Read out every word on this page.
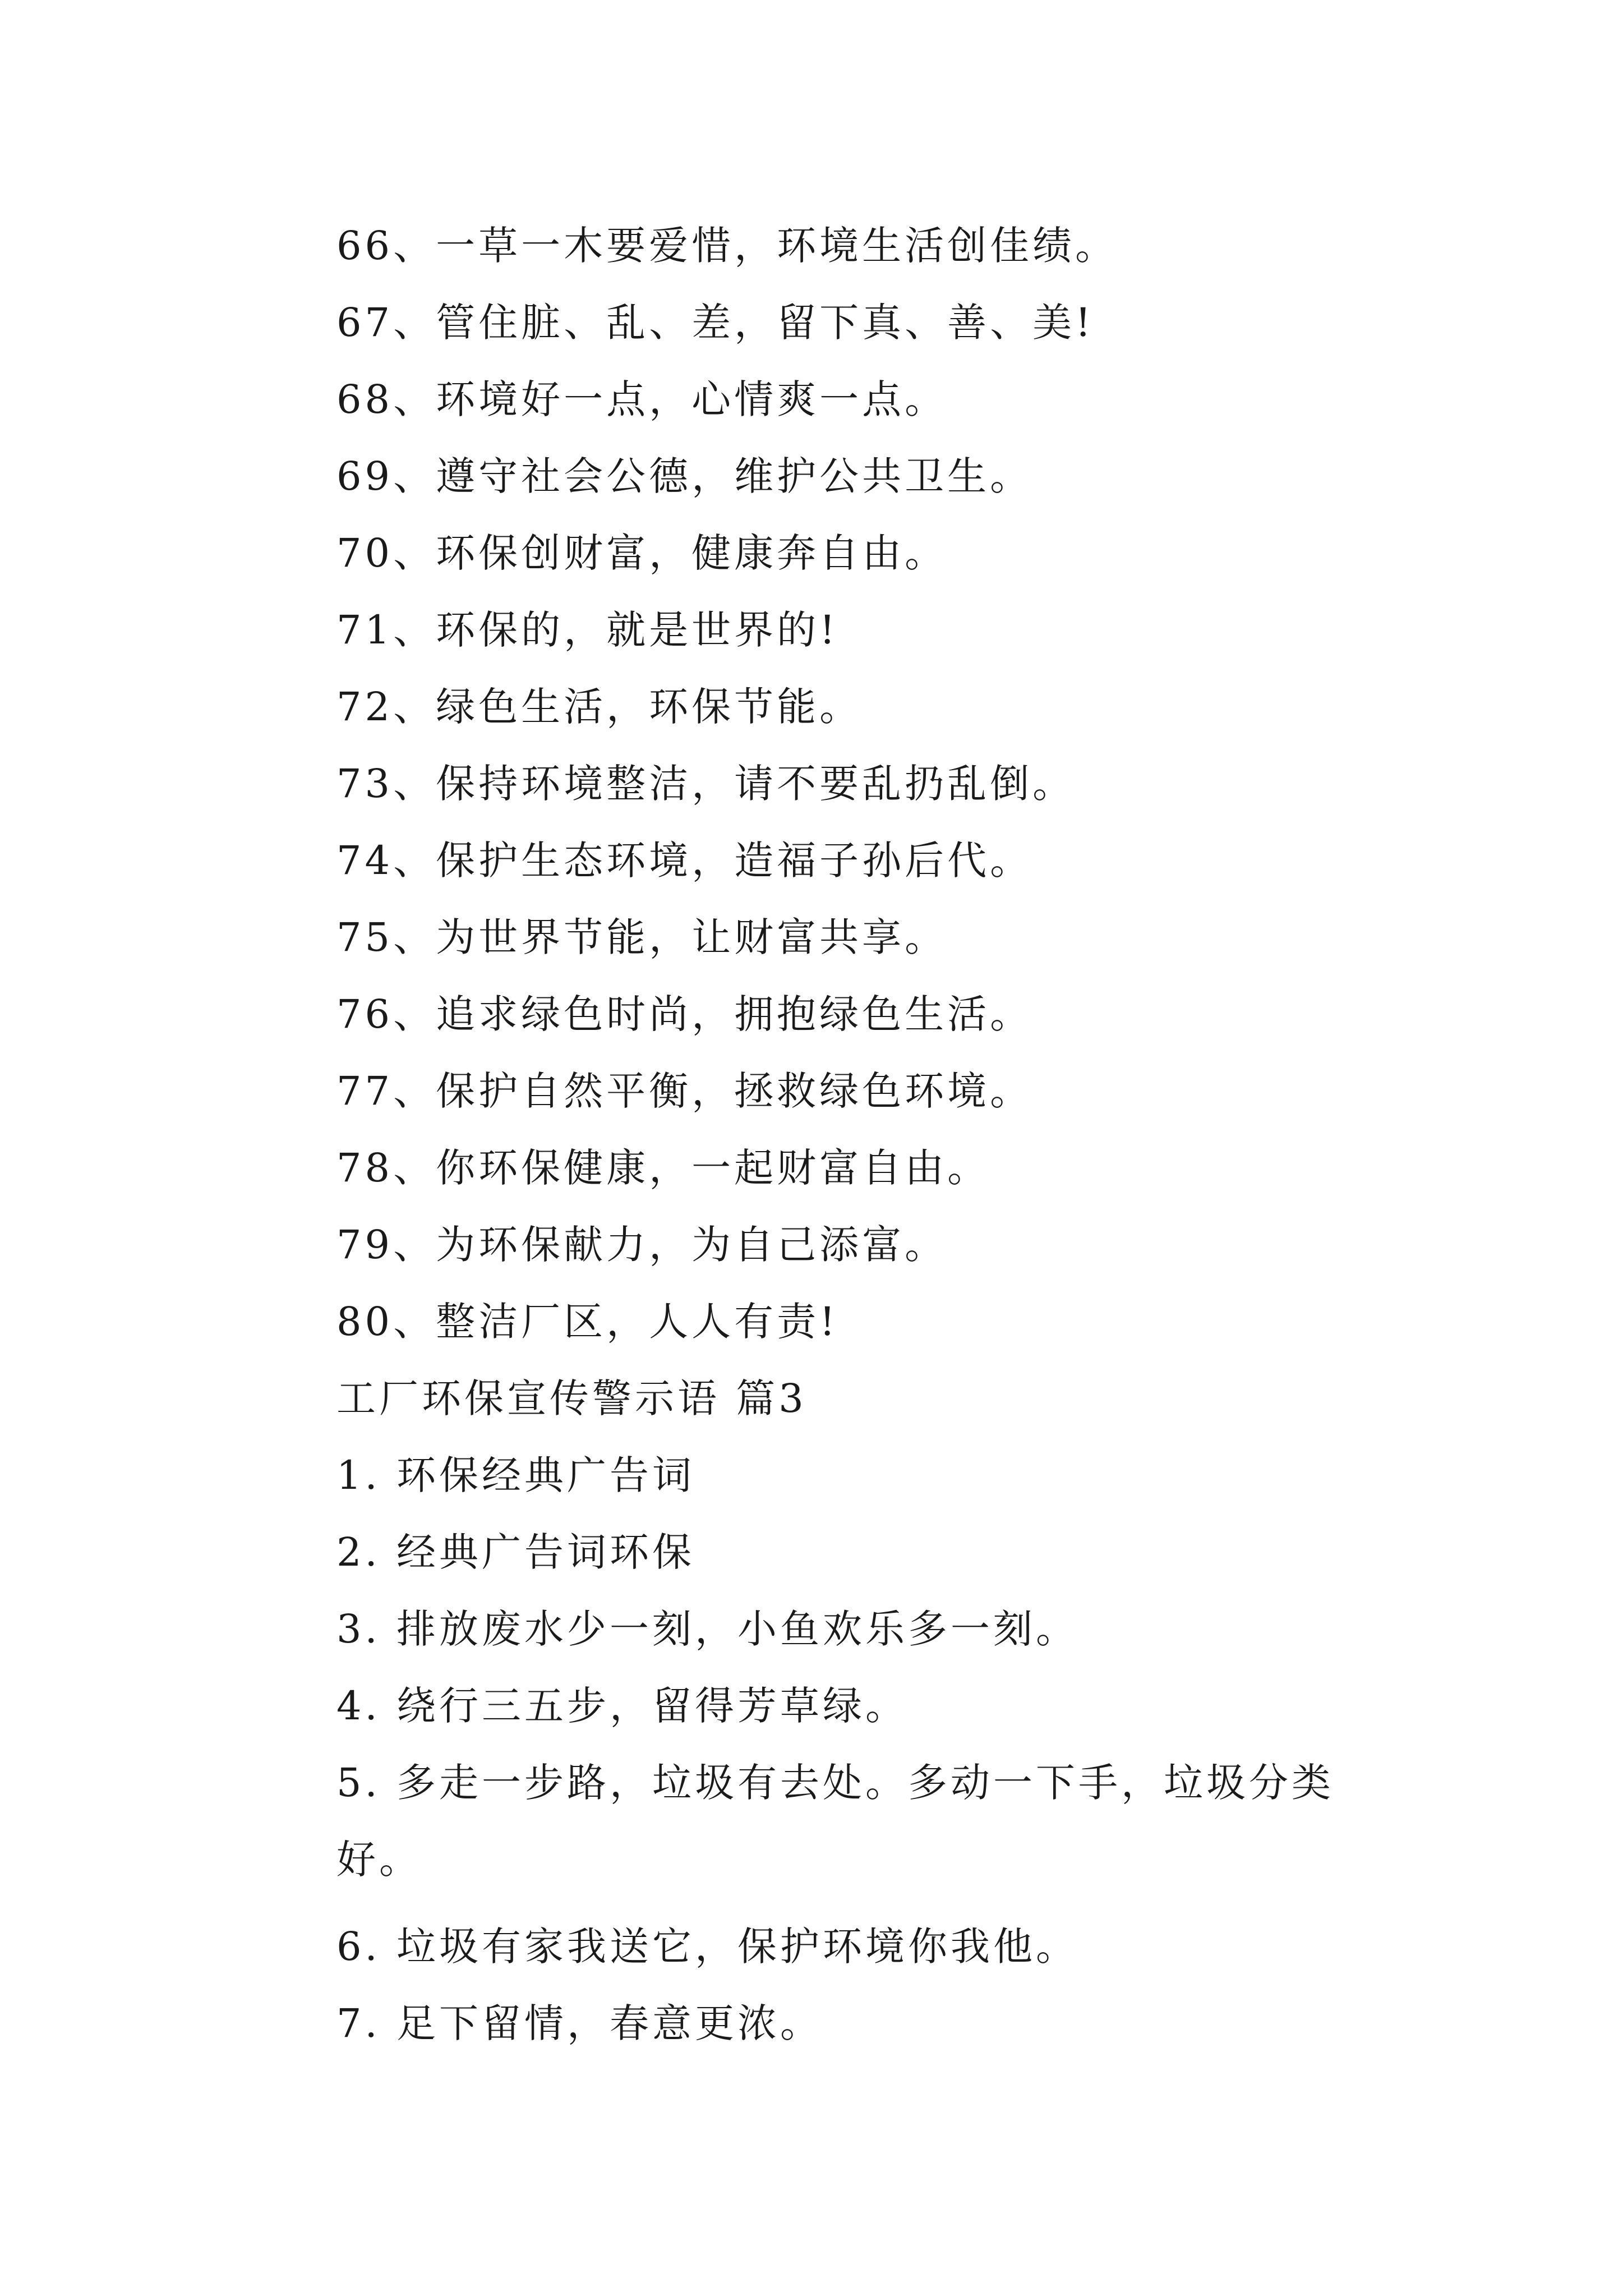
66、一草一木要爱惜，环境生活创佳绩。
67、管住脏、乱、差，留下真、善、美!
68、环境好一点，心情爽一点。
69、遵守社会公德，维护公共卫生。
70、环保创财富，健康奔自由。
71、环保的，就是世界的!
72、绿色生活，环保节能。
73、保持环境整洁，请不要乱扔乱倒。
74、保护生态环境，造福子孙后代。
75、为世界节能，让财富共享。
76、追求绿色时尚，拥抱绿色生活。
77、保护自然平衡，拯救绿色环境。
78、你环保健康，一起财富自由。
79、为环保献力，为自己添富。
80、整洁厂区，人人有责!
工厂环保宣传警示语 篇3
1. 环保经典广告词
2. 经典广告词环保
3. 排放废水少一刻，小鱼欢乐多一刻。
4. 绕行三五步，留得芳草绿。
5. 多走一步路，垃圾有去处。多动一下手，垃圾分类好。
6. 垃圾有家我送它，保护环境你我他。
7. 足下留情，春意更浓。
